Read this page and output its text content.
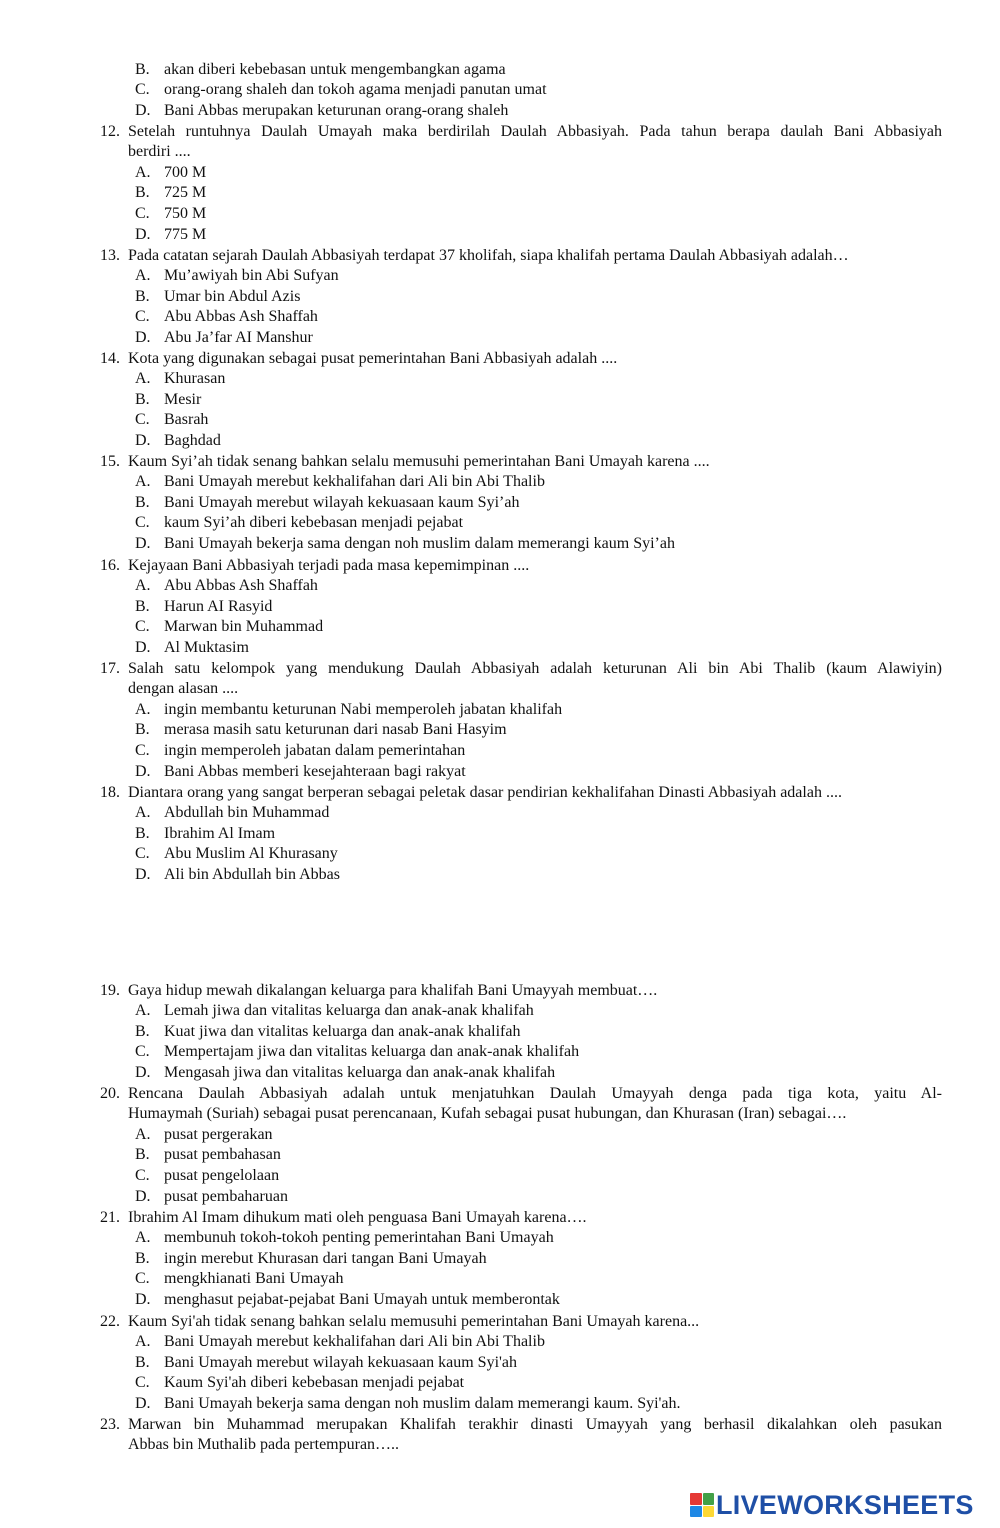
B. akan diberi kebebasan untuk mengembangkan agama
C. orang-orang shaleh dan tokoh agama menjadi panutan umat
D. Bani Abbas merupakan keturunan orang-orang shaleh
12. Setelah runtuhnya Daulah Umayah maka berdirilah Daulah Abbasiyah. Pada tahun berapa daulah Bani Abbasiyah
berdiri ....
A. 700 M
B. 725 M
C. 750 M
D. 775 M
13. Pada catatan sejarah Daulah Abbasiyah terdapat 37 kholifah, siapa khalifah pertama Daulah Abbasiyah adalah…
A. Mu’awiyah bin Abi Sufyan
B. Umar bin Abdul Azis
C. Abu Abbas Ash Shaffah
D. Abu Ja’far AI Manshur
14. Kota yang digunakan sebagai pusat pemerintahan Bani Abbasiyah adalah ....
A. Khurasan
B. Mesir
C. Basrah
D. Baghdad
15. Kaum Syi’ah tidak senang bahkan selalu memusuhi pemerintahan Bani Umayah karena ....
A. Bani Umayah merebut kekhalifahan dari Ali bin Abi Thalib
B. Bani Umayah merebut wilayah kekuasaan kaum Syi’ah
C. kaum Syi’ah diberi kebebasan menjadi pejabat
D. Bani Umayah bekerja sama dengan noh muslim dalam memerangi kaum Syi’ah
16. Kejayaan Bani Abbasiyah terjadi pada masa kepemimpinan ....
A. Abu Abbas Ash Shaffah
B. Harun AI Rasyid
C. Marwan bin Muhammad
D. Al Muktasim
17. Salah satu kelompok yang mendukung Daulah Abbasiyah adalah keturunan Ali bin Abi Thalib (kaum Alawiyin)
dengan alasan ....
A. ingin membantu keturunan Nabi memperoleh jabatan khalifah
B. merasa masih satu keturunan dari nasab Bani Hasyim
C. ingin memperoleh jabatan dalam pemerintahan
D. Bani Abbas memberi kesejahteraan bagi rakyat
18. Diantara orang yang sangat berperan sebagai peletak dasar pendirian kekhalifahan Dinasti Abbasiyah adalah ....
A. Abdullah bin Muhammad
B. Ibrahim Al Imam
C. Abu Muslim Al Khurasany
D. Ali bin Abdullah bin Abbas
19. Gaya hidup mewah dikalangan keluarga para khalifah Bani Umayyah membuat….
A. Lemah jiwa dan vitalitas keluarga dan anak-anak khalifah
B. Kuat jiwa dan vitalitas keluarga dan anak-anak khalifah
C. Mempertajam jiwa dan vitalitas keluarga dan anak-anak khalifah
D. Mengasah jiwa dan vitalitas keluarga dan anak-anak khalifah
20. Rencana Daulah Abbasiyah adalah untuk menjatuhkan Daulah Umayyah denga pada tiga kota, yaitu Al-
Humaymah (Suriah) sebagai pusat perencanaan, Kufah sebagai pusat hubungan, dan Khurasan (Iran) sebagai….
A. pusat pergerakan
B. pusat pembahasan
C. pusat pengelolaan
D. pusat pembaharuan
21. Ibrahim Al Imam dihukum mati oleh penguasa Bani Umayah karena….
A. membunuh tokoh-tokoh penting pemerintahan Bani Umayah
B. ingin merebut Khurasan dari tangan Bani Umayah
C. mengkhianati Bani Umayah
D. menghasut pejabat-pejabat Bani Umayah untuk memberontak
22. Kaum Syi'ah tidak senang bahkan selalu memusuhi pemerintahan Bani Umayah karena...
A. Bani Umayah merebut kekhalifahan dari Ali bin Abi Thalib
B. Bani Umayah merebut wilayah kekuasaan kaum Syi'ah
C. Kaum Syi'ah diberi kebebasan menjadi pejabat
D. Bani Umayah bekerja sama dengan noh muslim dalam memerangi kaum. Syi'ah.
23. Marwan bin Muhammad merupakan Khalifah terakhir dinasti Umayyah yang berhasil dikalahkan oleh pasukan
Abbas bin Muthalib pada pertempuran…..
LIVEWORKSHEETS
